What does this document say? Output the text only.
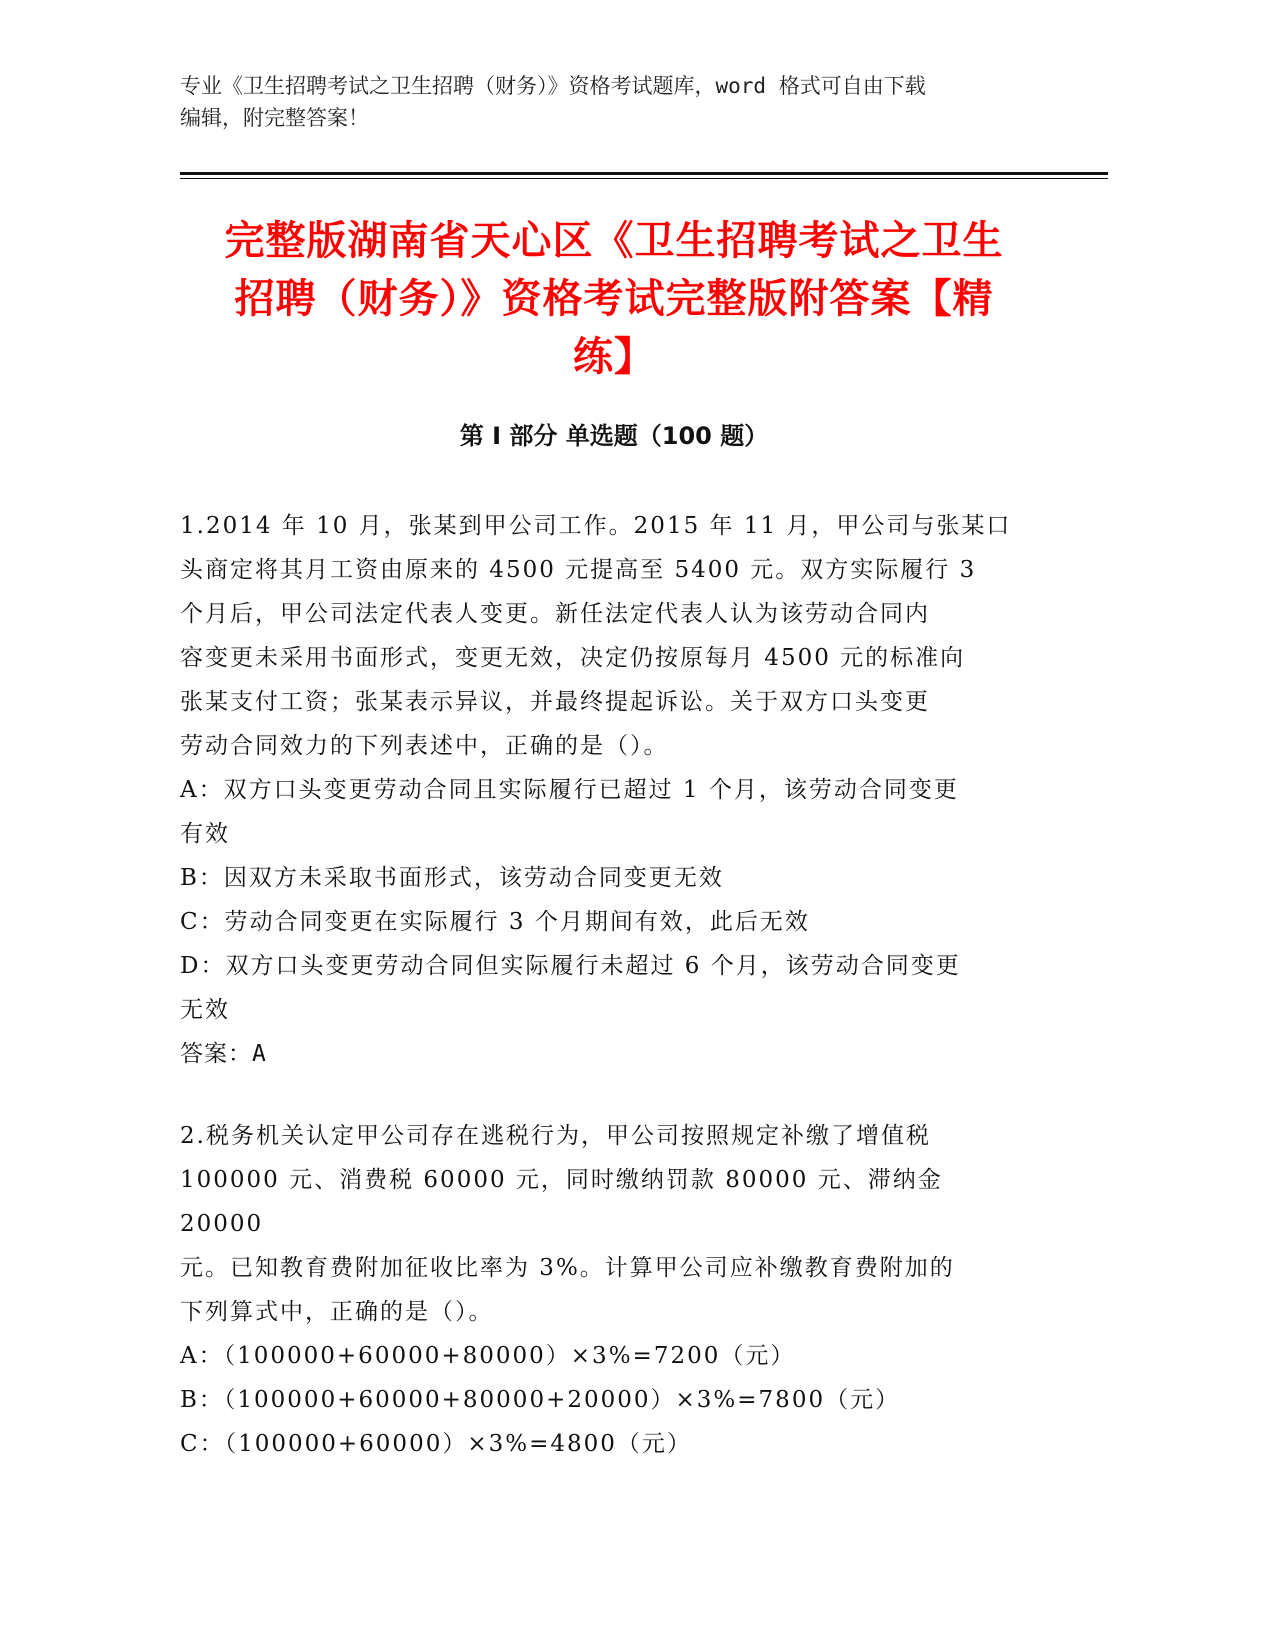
专业《卫生招聘考试之卫生招聘（财务）》资格考试题库，word 格式可自由下载
编辑，附完整答案！
完整版湖南省天心区《卫生招聘考试之卫生
招聘（财务）》资格考试完整版附答案【精
练】
第 I 部分 单选题（100 题）

1.2014 年 10 月，张某到甲公司工作。2015 年 11 月，甲公司与张某口

头商定将其月工资由原来的 4500 元提高至 5400 元。双方实际履行 3

个月后，甲公司法定代表人变更。新任法定代表人认为该劳动合同内

容变更未采用书面形式，变更无效，决定仍按原每月 4500 元的标准向

张某支付工资；张某表示异议，并最终提起诉讼。关于双方口头变更

劳动合同效力的下列表述中，正确的是（）。

A：双方口头变更劳动合同且实际履行已超过 1 个月，该劳动合同变更

有效

B：因双方未采取书面形式，该劳动合同变更无效

C：劳动合同变更在实际履行 3 个月期间有效，此后无效

D：双方口头变更劳动合同但实际履行未超过 6 个月，该劳动合同变更

无效

答案：A

2.税务机关认定甲公司存在逃税行为，甲公司按照规定补缴了增值税

100000 元、消费税 60000 元，同时缴纳罚款 80000 元、滞纳金 20000

元。已知教育费附加征收比率为 3%。计算甲公司应补缴教育费附加的

下列算式中，正确的是（）。

A：（100000+60000+80000）×3%=7200（元）

B：（100000+60000+80000+20000）×3%=7800（元）

C：（100000+60000）×3%=4800（元）
